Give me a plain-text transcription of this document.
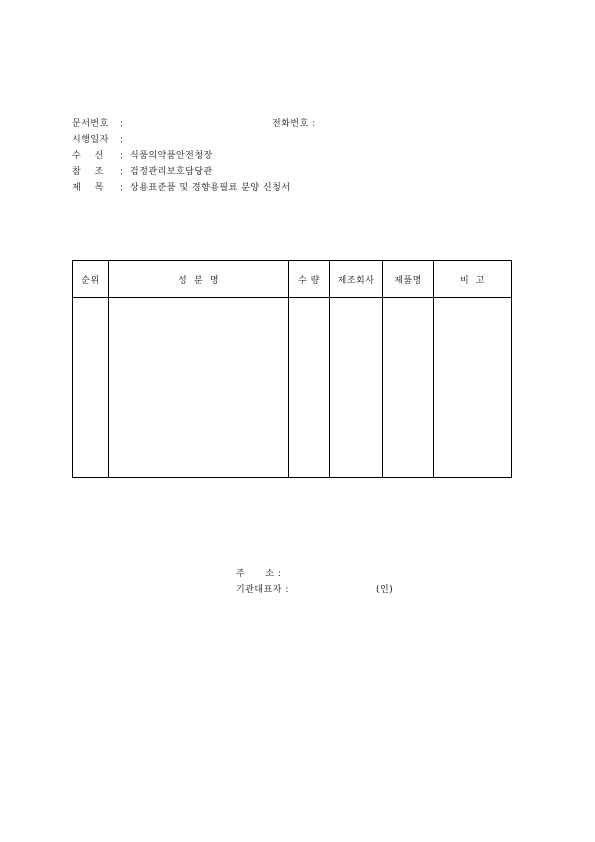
문서번호 :	전화번호 :
시행일자 :
수    신 : 식품의약품안전청장
참    조 : 검정관리보호담당관
제    목 : 상용표준품 및 경향용필료 분양 신청서
순위	성  분  명	수 량	제조회사	제품명	비  고

주      소 :
기관대표자 :	(인)
